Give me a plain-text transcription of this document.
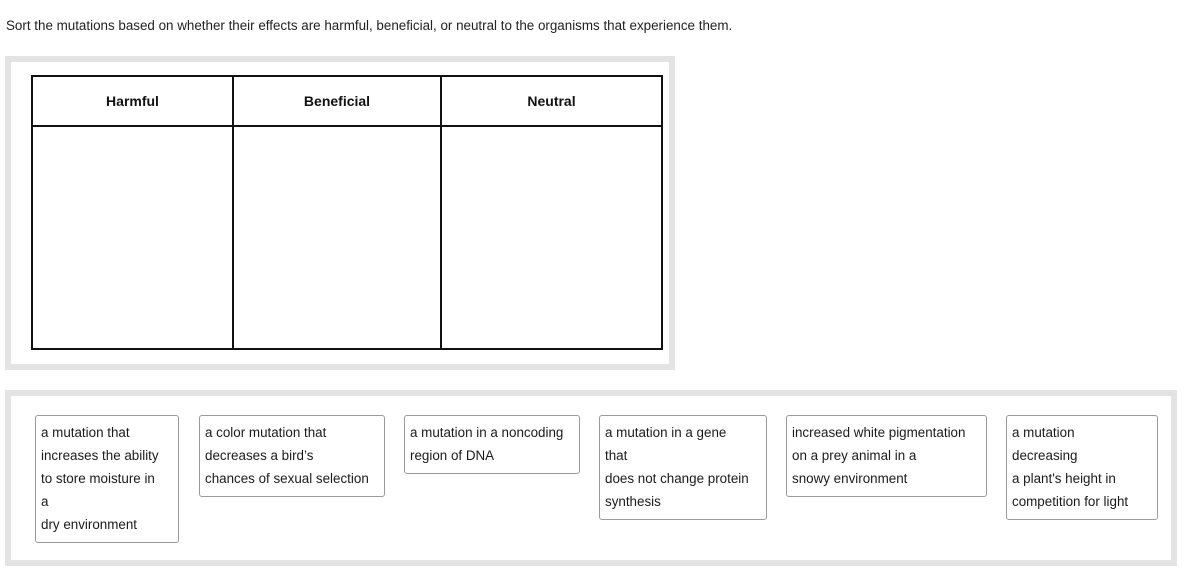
Sort the mutations based on whether their effects are harmful, beneficial, or neutral to the organisms that experience them.
Harmful	Beneficial	Neutral

a mutation that
increases the ability
to store moisture in
a
dry environment
a color mutation that
decreases a bird’s
chances of sexual selection
a mutation in a noncoding
region of DNA
a mutation in a gene
that
does not change protein
synthesis
increased white pigmentation
on a prey animal in a
snowy environment
a mutation
decreasing
a plant's height in
competition for light
